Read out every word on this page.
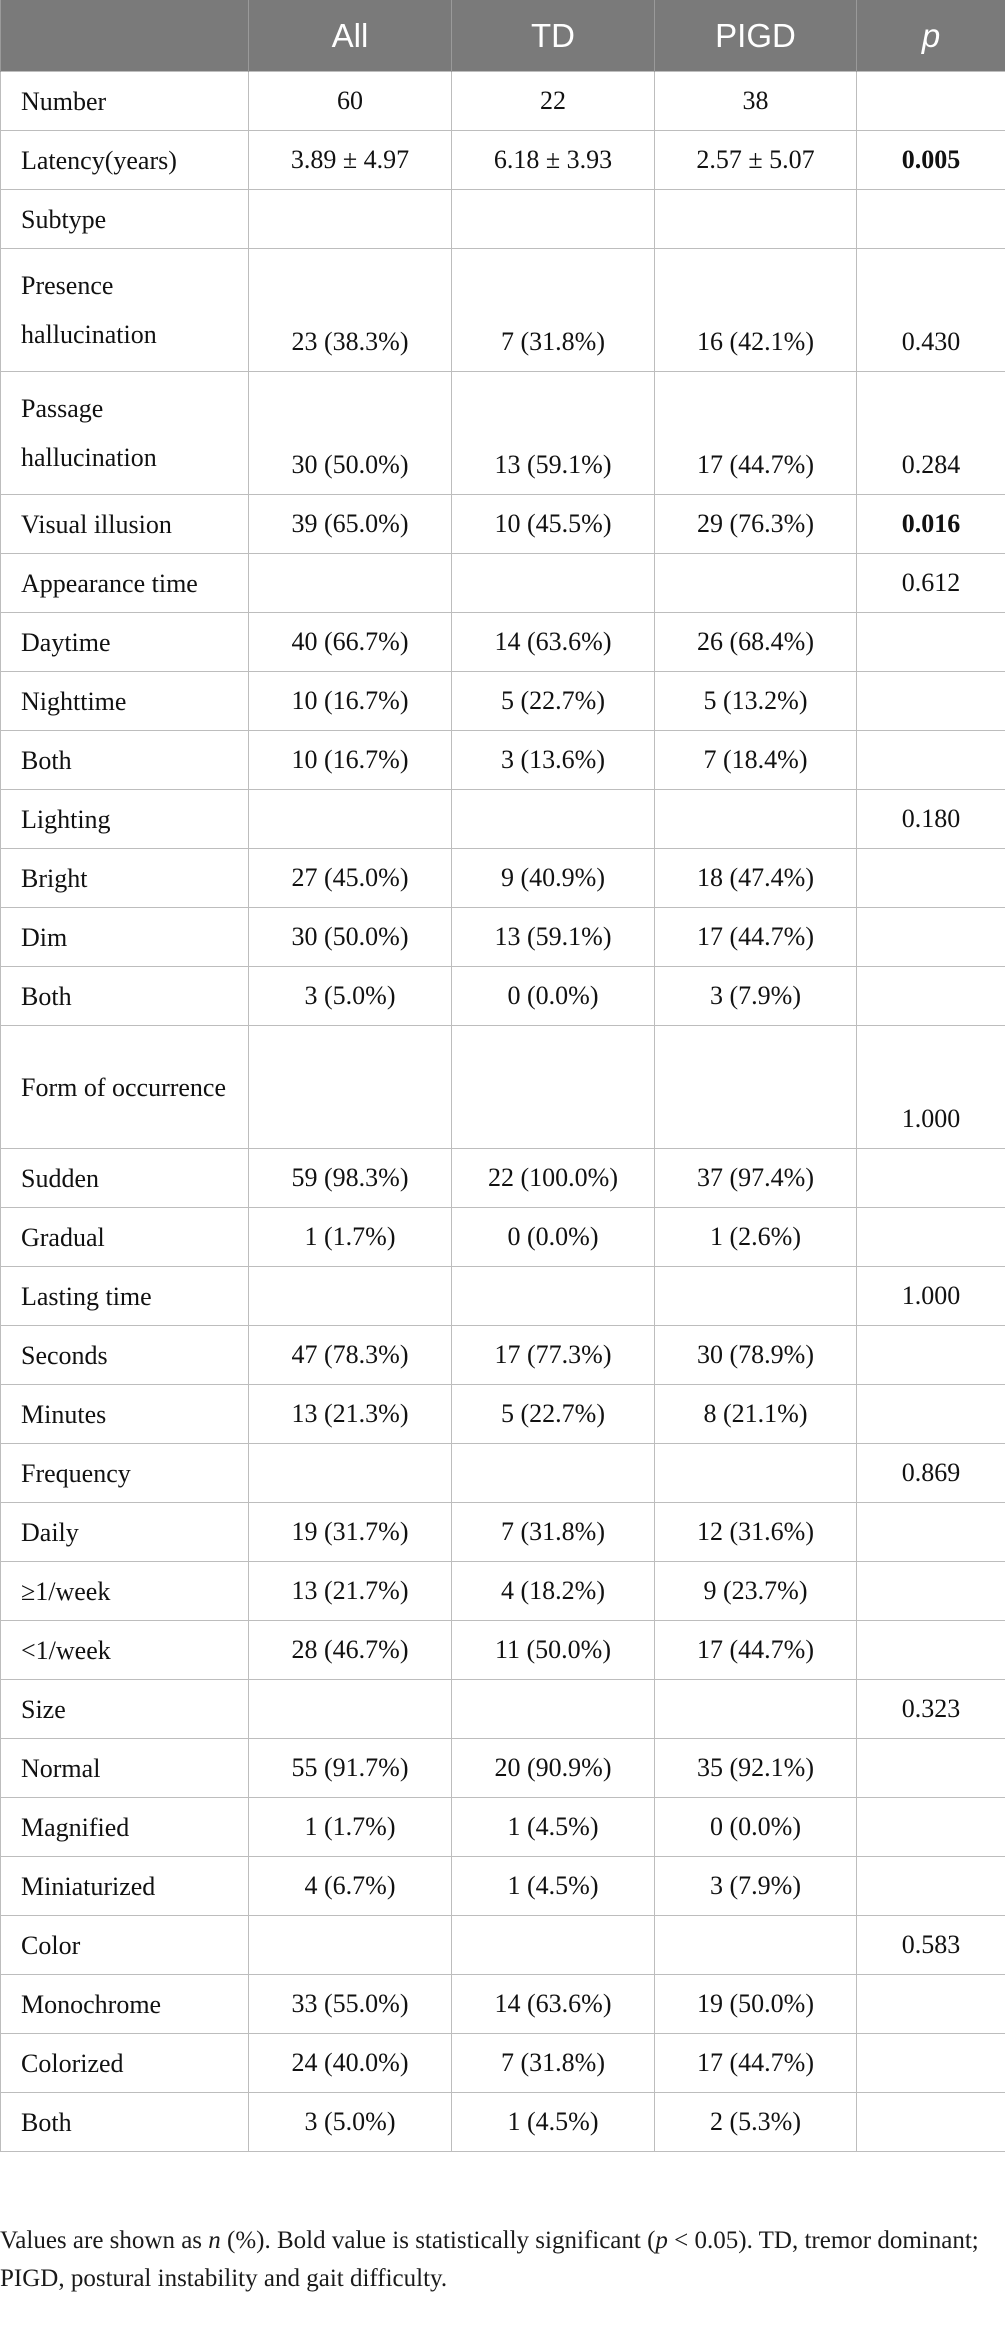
	All	TD	PIGD	p
Number	60	22	38	
Latency(years)	3.89 ± 4.97	6.18 ± 3.93	2.57 ± 5.07	0.005
Subtype				
Presence hallucination	23 (38.3%)	7 (31.8%)	16 (42.1%)	0.430
Passage hallucination	30 (50.0%)	13 (59.1%)	17 (44.7%)	0.284
Visual illusion	39 (65.0%)	10 (45.5%)	29 (76.3%)	0.016
Appearance time				0.612
Daytime	40 (66.7%)	14 (63.6%)	26 (68.4%)	
Nighttime	10 (16.7%)	5 (22.7%)	5 (13.2%)	
Both	10 (16.7%)	3 (13.6%)	7 (18.4%)	
Lighting				0.180
Bright	27 (45.0%)	9 (40.9%)	18 (47.4%)	
Dim	30 (50.0%)	13 (59.1%)	17 (44.7%)	
Both	3 (5.0%)	0 (0.0%)	3 (7.9%)	
Form of occurrence				1.000
Sudden	59 (98.3%)	22 (100.0%)	37 (97.4%)	
Gradual	1 (1.7%)	0 (0.0%)	1 (2.6%)	
Lasting time				1.000
Seconds	47 (78.3%)	17 (77.3%)	30 (78.9%)	
Minutes	13 (21.3%)	5 (22.7%)	8 (21.1%)	
Frequency				0.869
Daily	19 (31.7%)	7 (31.8%)	12 (31.6%)	
≥1/week	13 (21.7%)	4 (18.2%)	9 (23.7%)	
<1/week	28 (46.7%)	11 (50.0%)	17 (44.7%)	
Size				0.323
Normal	55 (91.7%)	20 (90.9%)	35 (92.1%)	
Magnified	1 (1.7%)	1 (4.5%)	0 (0.0%)	
Miniaturized	4 (6.7%)	1 (4.5%)	3 (7.9%)	
Color				0.583
Monochrome	33 (55.0%)	14 (63.6%)	19 (50.0%)	
Colorized	24 (40.0%)	7 (31.8%)	17 (44.7%)	
Both	3 (5.0%)	1 (4.5%)	2 (5.3%)	
Values are shown as n (%). Bold value is statistically significant (p < 0.05). TD, tremor dominant; PIGD, postural instability and gait difficulty.
